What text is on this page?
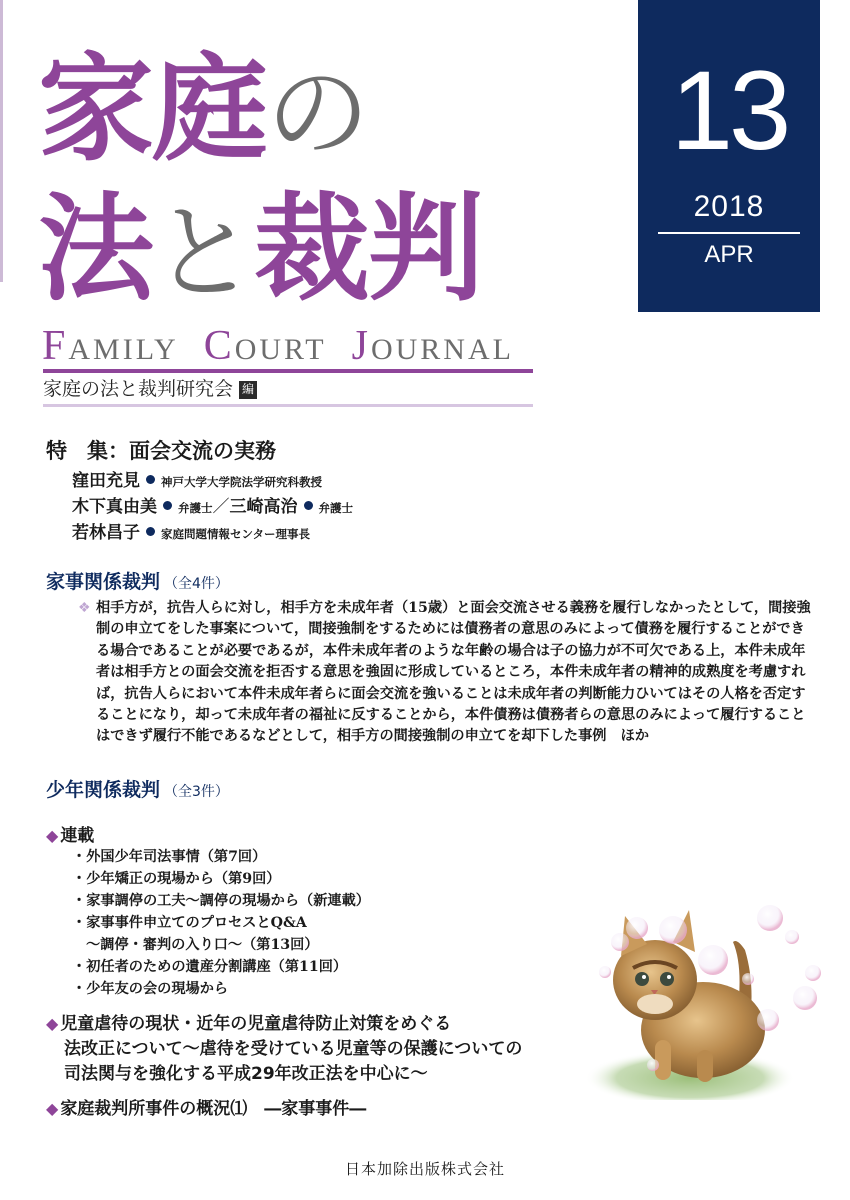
家庭の
法と裁判
13
2018
APR
FAMILY COURT JOURNAL
家庭の法と裁判研究会 編
特 集：面会交流の実務
窪田充見 神戸大学大学院法学研究科教授
木下真由美 弁護士／三崎高治 弁護士
若林昌子 家庭問題情報センター理事長
家事関係裁判 （全4件）
❖ 相手方が，抗告人らに対し，相手方を未成年者（15歳）と面会交流させる義務を履行しなかったとして，間接強制の申立てをした事案について，間接強制をするためには債務者の意思のみによって債務を履行することができる場合であることが必要であるが，本件未成年者のような年齢の場合は子の協力が不可欠である上，本件未成年者は相手方との面会交流を拒否する意思を強固に形成しているところ，本件未成年者の精神的成熟度を考慮すれば，抗告人らにおいて本件未成年者らに面会交流を強いることは未成年者の判断能力ひいてはその人格を否定することになり，却って未成年者の福祉に反することから，本件債務は債務者らの意思のみによって履行することはできず履行不能であるなどとして，相手方の間接強制の申立てを却下した事例　ほか
少年関係裁判 （全3件）
◆ 連載
・外国少年司法事情（第7回）
・少年矯正の現場から（第9回）
・家事調停の工夫～調停の現場から（新連載）
・家事事件申立てのプロセスとQ&A
～調停・審判の入り口～（第13回）
・初任者のための遺産分割講座（第11回）
・少年友の会の現場から
◆ 児童虐待の現状・近年の児童虐待防止対策をめぐる
法改正について～虐待を受けている児童等の保護についての
司法関与を強化する平成29年改正法を中心に～
◆ 家庭裁判所事件の概況⑴　―家事事件―
日本加除出版株式会社
